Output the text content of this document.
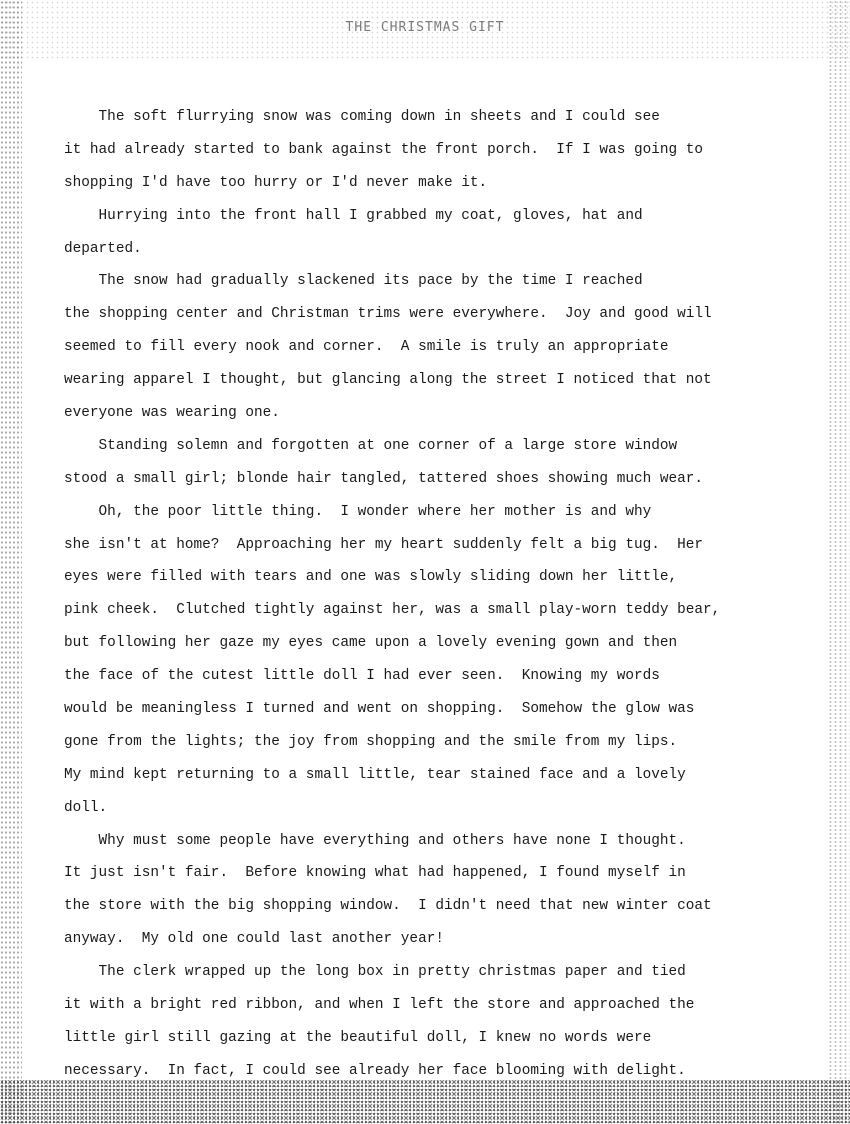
THE CHRISTMAS GIFT
The soft flurrying snow was coming down in sheets and I could see
it had already started to bank against the front porch.  If I was going to
shopping I'd have too hurry or I'd never make it.
Hurrying into the front hall I grabbed my coat, gloves, hat and
departed.
The snow had gradually slackened its pace by the time I reached
the shopping center and Christman trims were everywhere.  Joy and good will
seemed to fill every nook and corner.  A smile is truly an appropriate
wearing apparel I thought, but glancing along the street I noticed that not
everyone was wearing one.
Standing solemn and forgotten at one corner of a large store window
stood a small girl; blonde hair tangled, tattered shoes showing much wear.
Oh, the poor little thing.  I wonder where her mother is and why
she isn't at home?  Approaching her my heart suddenly felt a big tug.  Her
eyes were filled with tears and one was slowly sliding down her little,
pink cheek.  Clutched tightly against her, was a small play-worn teddy bear,
but following her gaze my eyes came upon a lovely evening gown and then
the face of the cutest little doll I had ever seen.  Knowing my words
would be meaningless I turned and went on shopping.  Somehow the glow was
gone from the lights; the joy from shopping and the smile from my lips.
My mind kept returning to a small little, tear stained face and a lovely
doll.
Why must some people have everything and others have none I thought.
It just isn't fair.  Before knowing what had happened, I found myself in
the store with the big shopping window.  I didn't need that new winter coat
anyway.  My old one could last another year!
The clerk wrapped up the long box in pretty christmas paper and tied
it with a bright red ribbon, and when I left the store and approached the
little girl still gazing at the beautiful doll, I knew no words were
necessary.  In fact, I could see already her face blooming with delight.
